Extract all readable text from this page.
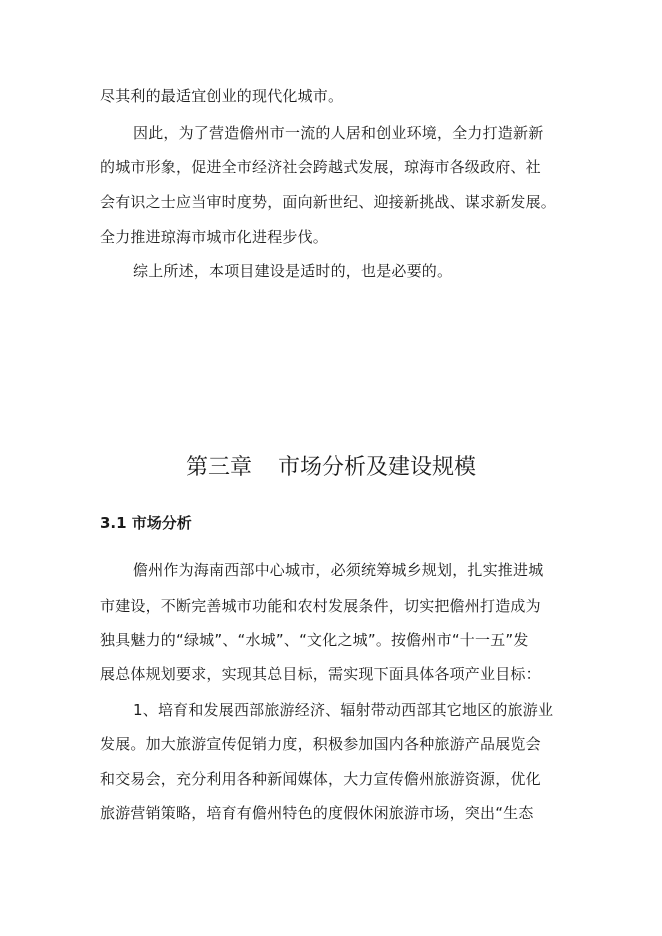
尽其利的最适宜创业的现代化城市。
因此，为了营造儋州市一流的人居和创业环境，全力打造新新
的城市形象，促进全市经济社会跨越式发展，琼海市各级政府、社
会有识之士应当审时度势，面向新世纪、迎接新挑战、谋求新发展。
全力推进琼海市城市化进程步伐。
综上所述，本项目建设是适时的，也是必要的。
第三章 市场分析及建设规模
3.1 市场分析
儋州作为海南西部中心城市，必须统筹城乡规划，扎实推进城
市建设，不断完善城市功能和农村发展条件，切实把儋州打造成为
独具魅力的“绿城”、“水城”、“文化之城”。按儋州市“十一五”发
展总体规划要求，实现其总目标，需实现下面具体各项产业目标：
1、培育和发展西部旅游经济、辐射带动西部其它地区的旅游业
发展。加大旅游宣传促销力度，积极参加国内各种旅游产品展览会
和交易会，充分利用各种新闻媒体，大力宣传儋州旅游资源，优化
旅游营销策略，培育有儋州特色的度假休闲旅游市场，突出“生态
